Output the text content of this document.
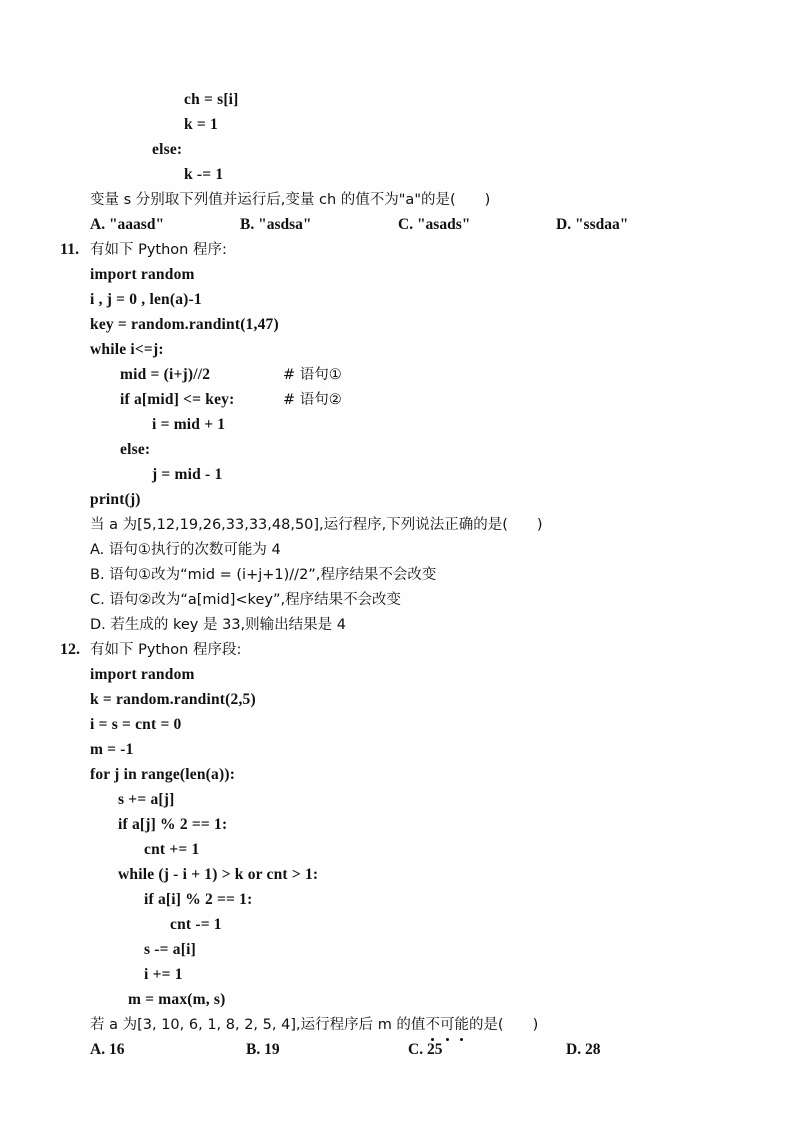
ch = s[i]
k = 1
else:
k -= 1
变量 s 分别取下列值并运行后,变量 ch 的值不为"a"的是(　　)
A. "aaasd"	B. "asdsa"	C. "asads"	D. "ssdaa"
11. 有如下 Python 程序:
import random
i , j = 0 , len(a)-1
key = random.randint(1,47)
while i<=j:
mid = (i+j)//2	# 语句①
if a[mid] <= key:	# 语句②
i = mid + 1
else:
j = mid - 1
print(j)
当 a 为[5,12,19,26,33,33,48,50],运行程序,下列说法正确的是(　　)
A. 语句①执行的次数可能为 4
B. 语句①改为“mid = (i+j+1)//2”,程序结果不会改变
C. 语句②改为“a[mid]<key”,程序结果不会改变
D. 若生成的 key 是 33,则输出结果是 4
12. 有如下 Python 程序段:
import random
k = random.randint(2,5)
i = s = cnt = 0
m = -1
for j in range(len(a)):
s += a[j]
if a[j] % 2 == 1:
cnt += 1
while (j - i + 1) > k or cnt > 1:
if a[i] % 2 == 1:
cnt -= 1
s -= a[i]
i += 1
m = max(m, s)
若 a 为[3, 10, 6, 1, 8, 2, 5, 4],运行程序后 m 的值不可能的是(　　)
A. 16	B. 19	C. 25	D. 28
